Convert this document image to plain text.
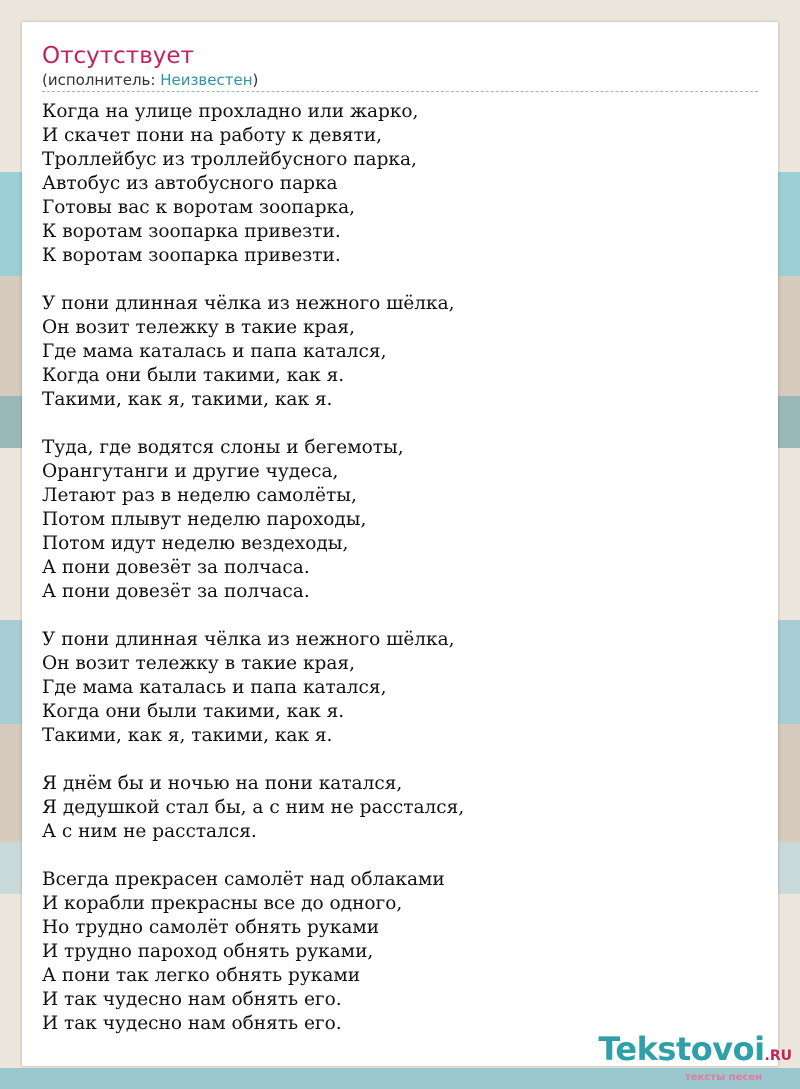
Отсутствует
(исполнитель: Неизвестен)
Когда на улице прохладно или жарко,
И скачет пони на работу к девяти,
Троллейбус из троллейбусного парка,
Автобус из автобусного парка
Готовы вас к воротам зоопарка,
К воротам зоопарка привезти.
К воротам зоопарка привезти.
У пони длинная чёлка из нежного шёлка,
Он возит тележку в такие края,
Где мама каталась и папа катался,
Когда они были такими, как я.
Такими, как я, такими, как я.
Туда, где водятся слоны и бегемоты,
Орангутанги и другие чудеса,
Летают раз в неделю самолёты,
Потом плывут неделю пароходы,
Потом идут неделю вездеходы,
А пони довезёт за полчаса.
А пони довезёт за полчаса.
У пони длинная чёлка из нежного шёлка,
Он возит тележку в такие края,
Где мама каталась и папа катался,
Когда они были такими, как я.
Такими, как я, такими, как я.
Я днём бы и ночью на пони катался,
Я дедушкой стал бы, а с ним не расстался,
А с ним не расстался.
Всегда прекрасен самолёт над облаками
И корабли прекрасны все до одного,
Но трудно самолёт обнять руками
И трудно пароход обнять руками,
А пони так легко обнять руками
И так чудесно нам обнять его.
И так чудесно нам обнять его.
Tekstovoi.RU
тексты песен
